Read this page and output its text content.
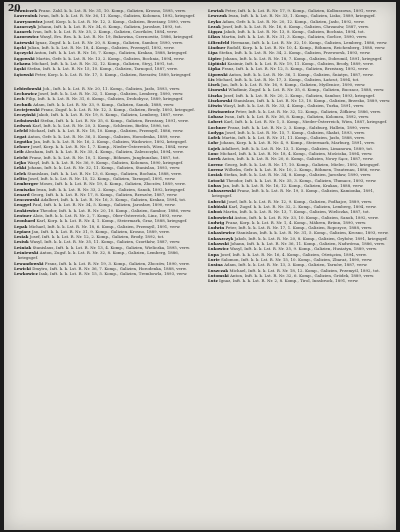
20

Ławniczek Franc. Zahl. k. k. Lst. R. Nr. 31, 10. Komp., Galizien, Krosno, 1895, verw.

Ławreniuk Iwan, Inft. k. k. Lst. R. Nr. 36, 11. Komp., Galizien, Kolomea, 1892, kriegsgef.

Ławrynowicz Josef, Korp. k. k. Lst. R. Nr. 12, 3. Komp., Galizien, Brzeżany, 1890, verw.

Łazarczyk Johann, Inft. k. k. Lst. R. Nr. 34, 6. Komp., Galizien, Jarosław, 1893, tot.

Łazarek Ivan, Inft. k. k. Lst. R. Nr. 35, 2. Komp., Galizien, Czortków, 1884, verw.

Łazorowicz Wasyl, Ers. Res. k. k. Lst. R. Nr. 19, Bukowina, Czernowitz, 1886, kriegsgef.

Łażewski Ignaz, Zugsf. k. k. Lst. R. Nr. 20, 8. Komp., Galizien, Sambor, 1890, verw.

Łęcki Julian, Inft. k. k. Lst. R. Nr. 18, 4. Komp., Galizien, Przemyśl, 1892, verw.

Łęczycki Anton, Inft. k. k. Lst. R. Nr. 16, 7. Komp., Galizien, Krakau, 1888, kriegsgef.

Łęgowski Martin, Gefr. k. k. Lst. R. Nr. 13, 2. Komp., Galizien, Bochnia, 1894, verw.

Łekawa Michael, Inft. k. k. Lst. R. Nr. 32, 12. Komp., Galizien, Stryj, 1891, tot.

Łęski Stefan, Inft. k. k. Lst. R. Nr. 15, 10. Komp., Galizien, Tarnopol, 1887, verw.

Łętowski Peter, Korp. k. k. Lst. R. Nr. 17, 5. Komp., Galizien, Rzeszów, 1889, kriegsgef.

Lebiedowski Joh., Inft. k. k. Lst. R. Nr. 20, 11. Komp., Galizien, Jasło, 1893, verw.

Lechowicz Josef, Inft. k. k. Lst. R. Nr. 32, 1. Komp., Galizien, Lemberg, 1890, verw.

Lech Filip, Inft. k. k. Lst. R. Nr. 31, 6. Komp., Galizien, Drohobycz, 1889, kriegsgef.

Lechnik Adam, Inft. k. k. Lst. R. Nr. 33, 9. Komp., Galizien, Sanok, 1888, verw.

Leciejewski Franz, Zugsf. k. k. Lst. R. Nr. 12, 3. Komp., Galizien, Brody, 1893, kriegsgef.

Leczyński Jakob, Inft. k. k. Lst. R. Nr. 19, 8. Komp., Galizien, Lemberg, 1887, verw.

Ledniowski Stefan, Inft. k. k. Lst. R. Nr. 35, 6. Komp., Galizien, Brzeżany, 1891, verw.

Ledwoń Karl, Inft. k. k. Lst. R. Nr. 20, 3. Komp., Schlesien, Bielitz, 1896, tot.

Lefeld Michael, Inft. k. k. Lst. R. Nr. 18, 10. Komp., Galizien, Przemyśl, 1886, verw.

Legat Anton, Gefr. k. k. Lst. R. Nr. 36, 5. Komp., Galizien, Horodenka, 1889, verw.

Legutko Jan, Inft. k. k. Lst. R. Nr. 16, 2. Komp., Galizien, Wadowice, 1892, kriegsgef.

Lehner Josef, Korp. k. k. Lst. R. Nr. 1, 7. Komp., Nieder-Österreich, Wien, 1884, verw.

Leib Abraham, Inft. k. k. Lst. R. Nr. 35, 4. Komp., Galizien, Zaleszczyki, 1894, verw.

Leicht Franz, Inft. k. k. Lst. R. Nr. 10, 1. Komp., Böhmen, Jungbunzlau, 1887, tot.

Lejko Wasyl, Inft. k. k. Lst. R. Nr. 36, 9. Komp., Galizien, Kolomea, 1890, kriegsgef.

Lekki Johann, Inft. k. k. Lst. R. Nr. 32, 11. Komp., Galizien, Stanislau, 1893, verw.

Lelek Stanislaus, Inft. k. k. Lst. R. Nr. 13, 6. Komp., Galizien, Bochnia, 1888, verw.

Lelito Josef, Inft. k. k. Lst. R. Nr. 15, 12. Komp., Galizien, Tarnopol, 1891, verw.

Lemberger Moses, Inft. k. k. Lst. R. Nr. 19, 4. Komp., Galizien, Złoczów, 1889, verw.

Lemiszko Iwan, Inft. k. k. Lst. R. Nr. 33, 2. Komp., Galizien, Sanok, 1892, kriegsgef.

Lenard Georg, Inft. k. k. Lst. R. Nr. 17, 8. Komp., Galizien, Rzeszów, 1887, verw.

Lenczowski Adalbert, Inft. k. k. Lst. R. Nr. 16, 3. Komp., Galizien, Krakau, 1894, tot.

Lengyel Paul, Inft. k. k. Lst. R. Nr. 34, 5. Komp., Galizien, Jarosław, 1890, verw.

Lenkiewicz Theodor, Inft. k. k. Lst. R. Nr. 20, 10. Komp., Galizien, Sambor, 1886, verw.

Lentner Alois, Inft. k. k. Lst. R. Nr. 2, 7. Komp., Ober-Österreich, Linz, 1893, verw.

Leonhard Karl, Korp. k. k. Lst. R. Nr. 4, 1. Komp., Steiermark, Graz, 1888, kriegsgef.

Lepak Michael, Inft. k. k. Lst. R. Nr. 18, 6. Komp., Galizien, Przemyśl, 1891, verw.

Lepiarz Jan, Inft. k. k. Lst. R. Nr. 31, 9. Komp., Galizien, Krosno, 1889, verw.

Lesiak Josef, Inft. k. k. Lst. R. Nr. 12, 2. Komp., Galizien, Brody, 1892, tot.

Lesiuk Wasyl, Inft. k. k. Lst. R. Nr. 35, 11. Komp., Galizien, Czortków, 1887, verw.

Leśniak Stanislaus, Inft. k. k. Lst. R. Nr. 13, 4. Komp., Galizien, Wieliczka, 1895, verw.

Leśniewski Anton, Zugsf. k. k. Lst. R. Nr. 32, 8. Komp., Galizien, Lemberg, 1886, kriegsgef.

Lewandowski Franz, Inft. k. k. Lst. R. Nr. 19, 3. Komp., Galizien, Złoczów, 1890, verw.

Lewicki Dmytro, Inft. k. k. Lst. R. Nr. 36, 7. Komp., Galizien, Horodenka, 1888, verw.

Lewkowicz Isak, Inft. k. k. Lst. R. Nr. 15, 5. Komp., Galizien, Trembowla, 1893, verw.

Lewtak Peter, Inft. k. k. Lst. R. Nr. 17, 9. Komp., Galizien, Kolbuszowa, 1891, verw.

Lewczuk Iwan, Inft. k. k. Lst. R. Nr. 33, 1. Komp., Galizien, Lisko, 1889, kriegsgef.

Leyko Adam, Gefr. k. k. Lst. R. Nr. 20, 12. Komp., Galizien, Jasło, 1892, verw.

Lezak Josef, Inft. k. k. Lst. R. Nr. 16, 6. Komp., Galizien, Chrzanów, 1887, verw.

Ligęza Jakob, Inft. k. k. Lst. R. Nr. 13, 8. Komp., Galizien, Bochnia, 1894, tot.

Likus Martin, Inft. k. k. Lst. R. Nr. 31, 3. Komp., Galizien, Gorlice, 1890, verw.

Lilienfeld Hermann, Inft. k. k. Lst. R. Nr. 32, 10. Komp., Galizien, Lemberg, 1886, verw.

Lindner Rudolf, Korp. k. k. Lst. R. Nr. 10, 4. Komp., Böhmen, Reichenberg, 1888, verw.

Lipa Stefan, Inft. k. k. Lst. R. Nr. 34, 2. Komp., Galizien, Przeworsk, 1893, verw.

Lipiec Johann, Inft. k. k. Lst. R. Nr. 18, 7. Komp., Galizien, Dobromil, 1891, kriegsgef.

Lipiński Kasimir, Inft. k. k. Lst. R. Nr. 19, 11. Komp., Galizien, Brody, 1889, verw.

Lipka Franz, Inft. k. k. Lst. R. Nr. 12, 5. Komp., Galizien, Brzeżany, 1892, verw.

Lipowski Anton, Inft. k. k. Lst. R. Nr. 36, 1. Komp., Galizien, Śniatyn, 1887, verw.

Lis Michael, Inft. k. k. Lst. R. Nr. 17, 3. Komp., Galizien, Łańcut, 1894, tot.

Lisek Jan, Inft. k. k. Lst. R. Nr. 16, 9. Komp., Galizien, Myślenice, 1890, verw.

Lisowski Wladimir, Zugsf. k. k. Lst. R. Nr. 35, 6. Komp., Galizien, Buczacz, 1888, verw.

Liszka Josef, Inft. k. k. Lst. R. Nr. 20, 2. Komp., Galizien, Sambor, 1893, kriegsgef.

Liszkowski Stanislaus, Inft. k. k. Lst. R. Nr. 13, 10. Komp., Galizien, Brzesko, 1889, verw.

Litwin Wasyl, Inft. k. k. Lst. R. Nr. 33, 4. Komp., Galizien, Turka, 1891, verw.

Litwinowicz Peter, Inft. k. k. Lst. R. Nr. 32, 12. Komp., Galizien, Żółkiew, 1886, verw.

Lobasz Iwan, Inft. k. k. Lst. R. Nr. 36, 8. Komp., Galizien, Kolomea, 1892, verw.

Lobert Karl, Inft. k. k. Lst. R. Nr. 1, 5. Komp., Nieder-Österreich, Wien, 1887, kriegsgef.

Lochner Franz, Inft. k. k. Lst. R. Nr. 2, 3. Komp., Salzburg, Hallein, 1890, verw.

Lodyga Josef, Inft. k. k. Lst. R. Nr. 15, 7. Komp., Galizien, Skałat, 1893, verw.

Lofek Martin, Inft. k. k. Lst. R. Nr. 31, 11. Komp., Galizien, Jasło, 1888, verw.

Lohr Johann, Korp. k. k. Lst. R. Nr. 4, 9. Komp., Steiermark, Marburg, 1891, verw.

Lojek Adalbert, Inft. k. k. Lst. R. Nr. 13, 1. Komp., Galizien, Limanowa, 1889, tot.

Lonc Michael, Inft. k. k. Lst. R. Nr. 18, 4. Komp., Galizien, Mościska, 1894, verw.

Lorek Anton, Inft. k. k. Lst. R. Nr. 20, 6. Komp., Galizien, Nowy Sącz, 1887, verw.

Lorenc Georg, Inft. k. k. Lst. R. Nr. 17, 10. Komp., Galizien, Mielec, 1892, kriegsgef.

Lorenz Wilhelm, Gefr. k. k. Lst. R. Nr. 10, 2. Komp., Böhmen, Trautenau, 1886, verw.

Losiak Stefan, Inft. k. k. Lst. R. Nr. 34, 8. Komp., Galizien, Jarosław, 1890, verw.

Lotocki Theodor, Inft. k. k. Lst. R. Nr. 35, 3. Komp., Galizien, Tłumacz, 1893, verw.

Lubas Jan, Inft. k. k. Lst. R. Nr. 16, 12. Komp., Galizien, Krakau, 1888, verw.

Lubaszewski Franz, Inft. k. k. Lst. R. Nr. 19, 5. Komp., Galizien, Kamionka, 1891, kriegsgef.

Lubecki Josef, Inft. k. k. Lst. R. Nr. 12, 9. Komp., Galizien, Podhajce, 1889, verw.

Lubiński Karl, Zugsf. k. k. Lst. R. Nr. 32, 2. Komp., Galizien, Lemberg, 1894, verw.

Luboń Martin, Inft. k. k. Lst. R. Nr. 13, 7. Komp., Galizien, Wieliczka, 1887, tot.

Lubowiecki Anton, Inft. k. k. Lst. R. Nr. 33, 10. Komp., Galizien, Sanok, 1892, verw.

Ludwig Franz, Korp. k. k. Lst. R. Nr. 1, 4. Komp., Mähren, Brünn, 1890, verw.

Ludwin Peter, Inft. k. k. Lst. R. Nr. 17, 1. Komp., Galizien, Ropczyce, 1888, verw.

Lukasiewicz Stanislaus, Inft. k. k. Lst. R. Nr. 31, 5. Komp., Galizien, Krosno, 1893, verw.

Lukaszczyk Jakob, Inft. k. k. Lst. R. Nr. 20, 8. Komp., Galizien, Grybów, 1891, kriegsgef.

Lukawski Johann, Inft. k. k. Lst. R. Nr. 36, 11. Komp., Galizien, Nadwórna, 1886, verw.

Lukowicz Wasyl, Inft. k. k. Lst. R. Nr. 35, 9. Komp., Galizien, Husiatyn, 1889, verw.

Lupa Josef, Inft. k. k. Lst. R. Nr. 16, 4. Komp., Galizien, Oświęcim, 1894, verw.

Lurie Salomon, Inft. k. k. Lst. R. Nr. 15, 10. Komp., Galizien, Zbaraż, 1890, verw.

Lusina Adam, Inft. k. k. Lst. R. Nr. 13, 3. Komp., Galizien, Tarnów, 1887, verw.

Luszczak Michael, Inft. k. k. Lst. R. Nr. 18, 12. Komp., Galizien, Przemyśl, 1892, tot.

Lutomski Anton, Inft. k. k. Lst. R. Nr. 32, 6. Komp., Galizien, Gródek, 1889, verw.

Lutz Ignaz, Inft. k. k. Lst. R. Nr. 2, 8. Komp., Tirol, Innsbruck, 1891, verw.
